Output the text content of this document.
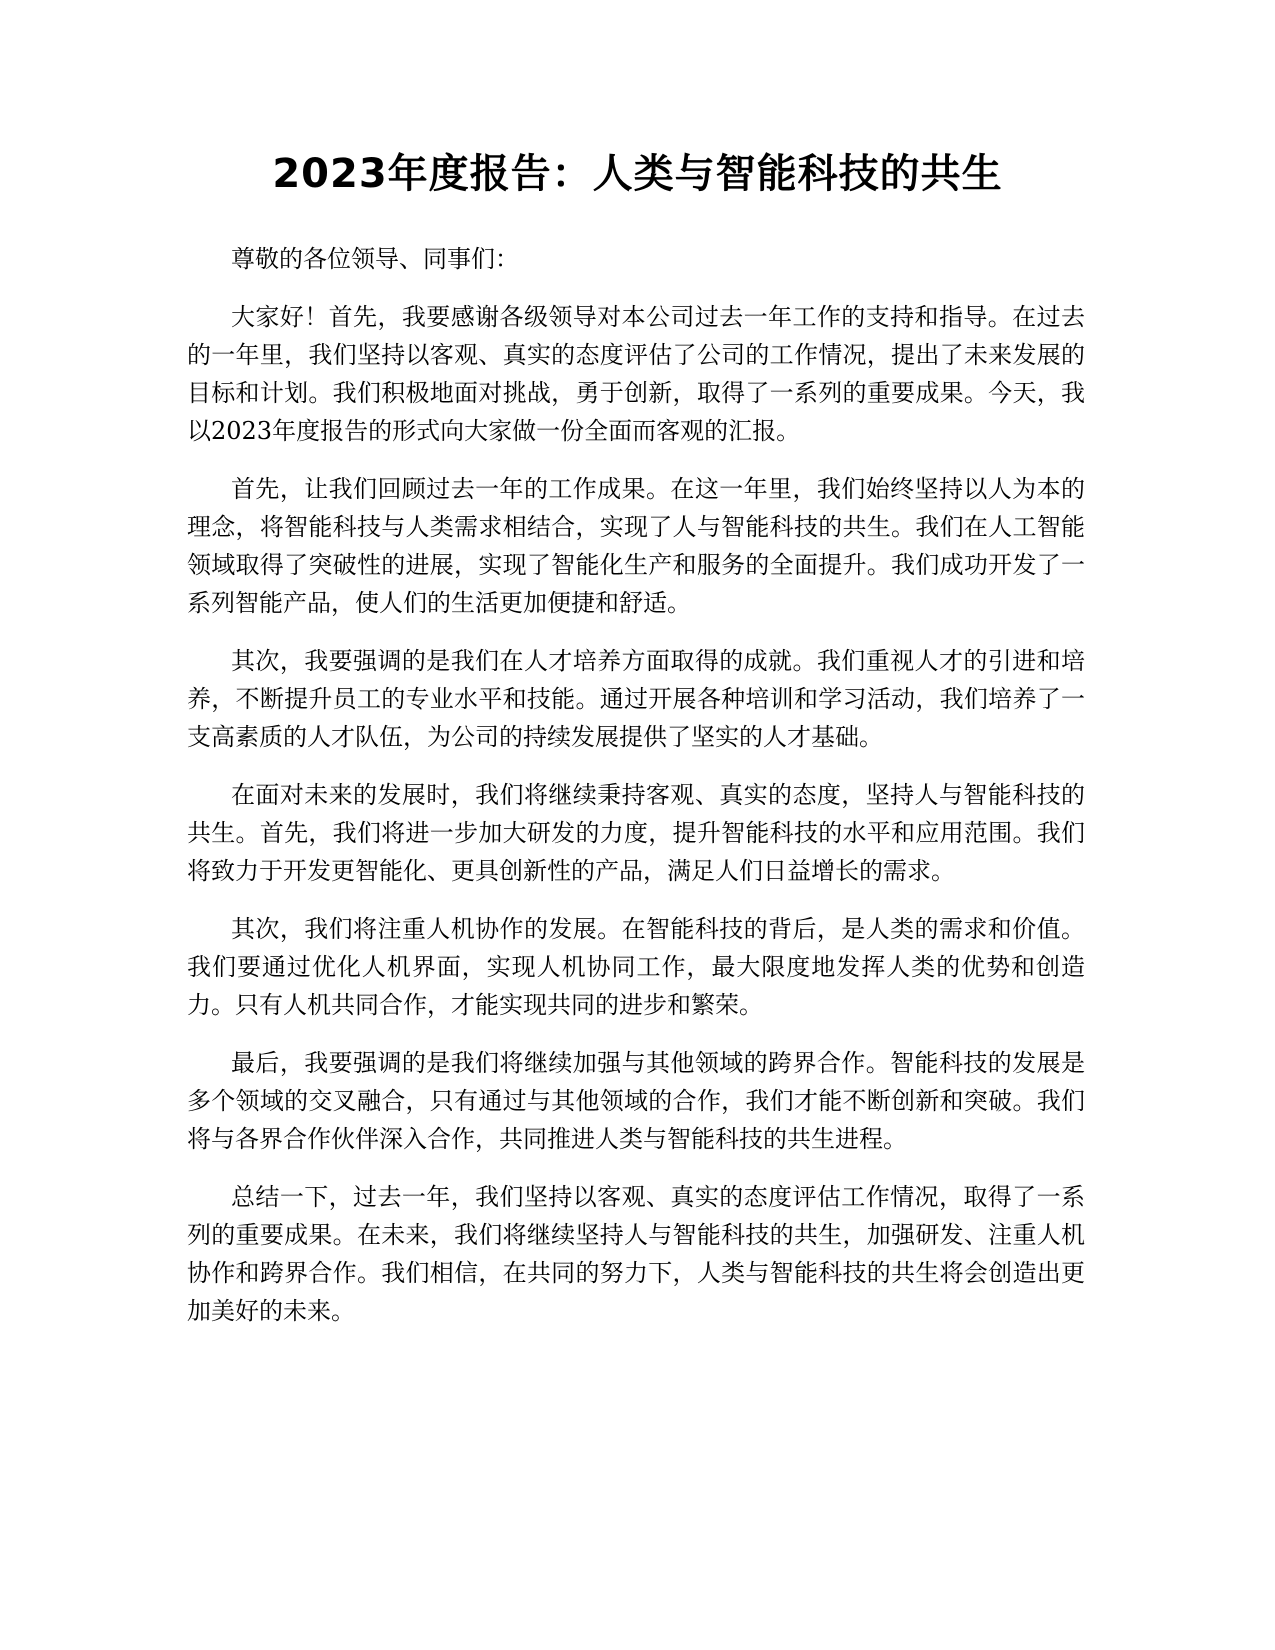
2023年度报告：人类与智能科技的共生

尊敬的各位领导、同事们：

大家好！首先，我要感谢各级领导对本公司过去一年工作的支持和指导。在过去的一年里，我们坚持以客观、真实的态度评估了公司的工作情况，提出了未来发展的目标和计划。我们积极地面对挑战，勇于创新，取得了一系列的重要成果。今天，我以2023年度报告的形式向大家做一份全面而客观的汇报。

首先，让我们回顾过去一年的工作成果。在这一年里，我们始终坚持以人为本的理念，将智能科技与人类需求相结合，实现了人与智能科技的共生。我们在人工智能领域取得了突破性的进展，实现了智能化生产和服务的全面提升。我们成功开发了一系列智能产品，使人们的生活更加便捷和舒适。

其次，我要强调的是我们在人才培养方面取得的成就。我们重视人才的引进和培养，不断提升员工的专业水平和技能。通过开展各种培训和学习活动，我们培养了一支高素质的人才队伍，为公司的持续发展提供了坚实的人才基础。

在面对未来的发展时，我们将继续秉持客观、真实的态度，坚持人与智能科技的共生。首先，我们将进一步加大研发的力度，提升智能科技的水平和应用范围。我们将致力于开发更智能化、更具创新性的产品，满足人们日益增长的需求。

其次，我们将注重人机协作的发展。在智能科技的背后，是人类的需求和价值。我们要通过优化人机界面，实现人机协同工作，最大限度地发挥人类的优势和创造力。只有人机共同合作，才能实现共同的进步和繁荣。

最后，我要强调的是我们将继续加强与其他领域的跨界合作。智能科技的发展是多个领域的交叉融合，只有通过与其他领域的合作，我们才能不断创新和突破。我们将与各界合作伙伴深入合作，共同推进人类与智能科技的共生进程。

总结一下，过去一年，我们坚持以客观、真实的态度评估工作情况，取得了一系列的重要成果。在未来，我们将继续坚持人与智能科技的共生，加强研发、注重人机协作和跨界合作。我们相信，在共同的努力下，人类与智能科技的共生将会创造出更加美好的未来。
